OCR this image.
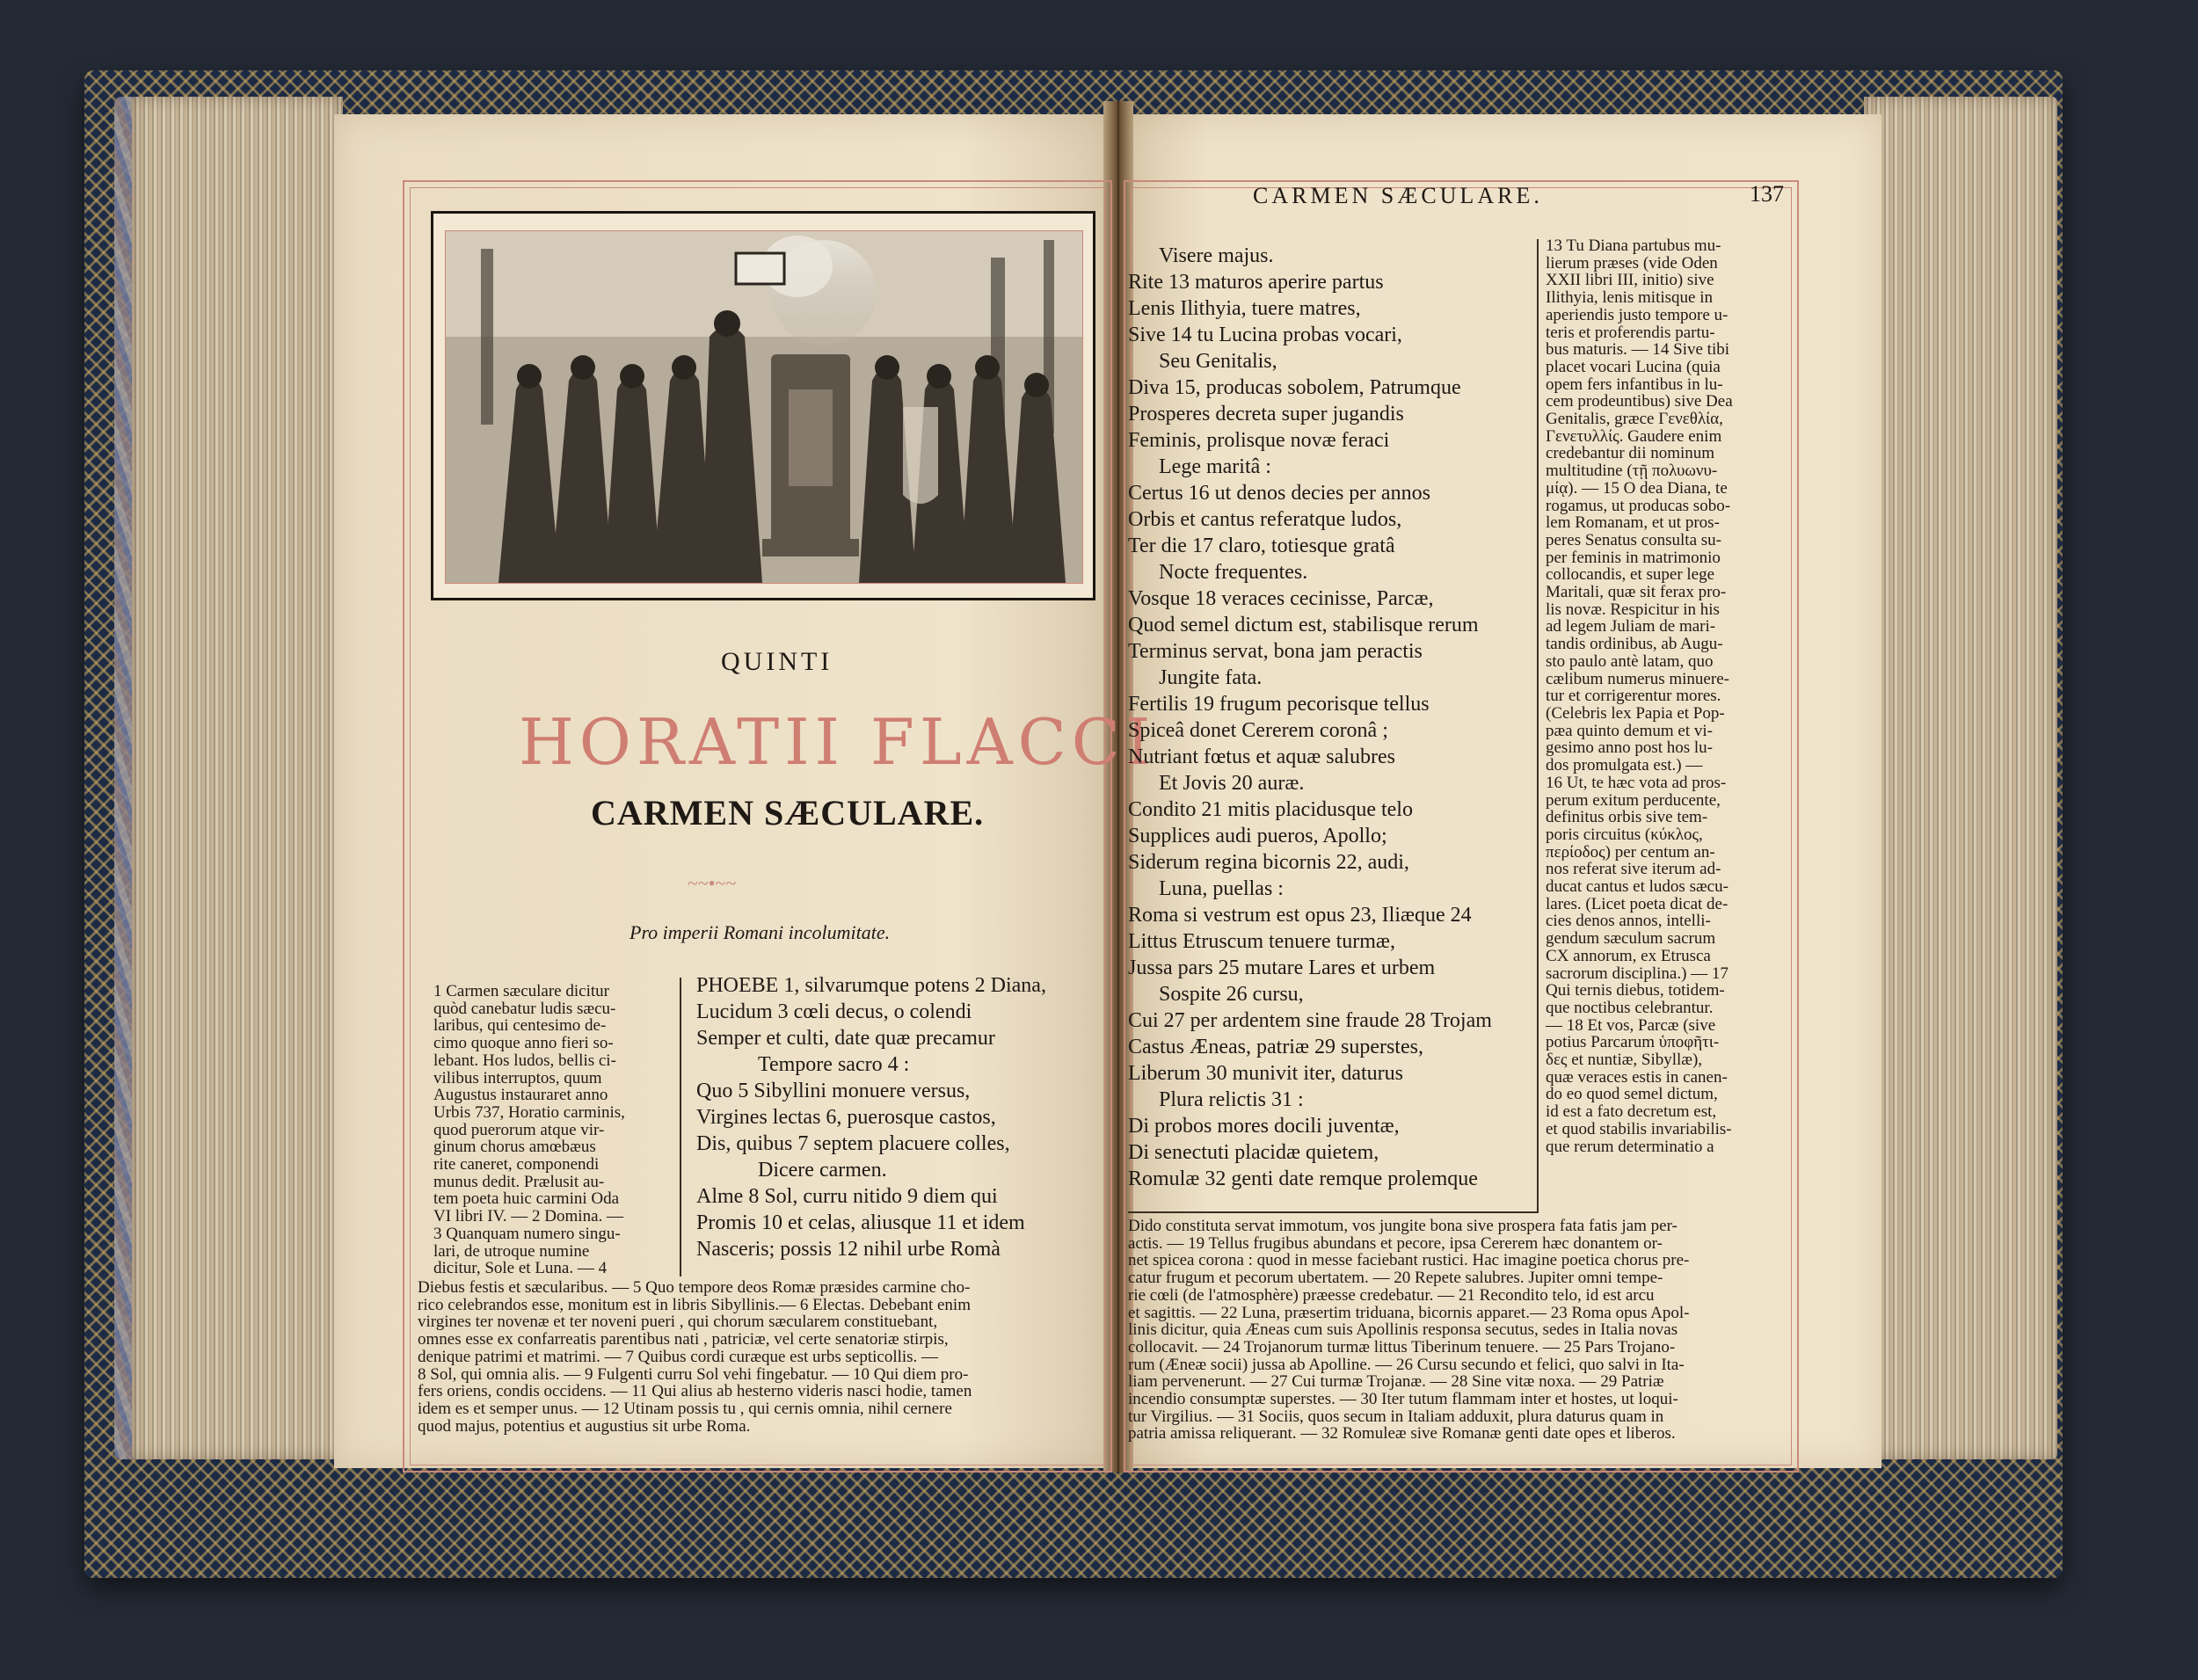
CARMEN SÆCULARE.	137
QUINTI
HORATII FLACCI
CARMEN SÆCULARE.
~~•~~
Pro imperii Romani incolumitate.
1 Carmen sæculare dicitur
quòd canebatur ludis sæcu-
laribus, qui centesimo de-
cimo quoque anno fieri so-
lebant. Hos ludos, bellis ci-
vilibus interruptos, quum
Augustus instauraret anno
Urbis 737, Horatio carminis,
quod puerorum atque vir-
ginum chorus amœbæus
rite caneret, componendi
munus dedit. Prælusit au-
tem poeta huic carmini Oda
VI libri IV. — 2 Domina. —
3 Quanquam numero singu-
lari, de utroque numine
dicitur, Sole et Luna. — 4
PHOEBE 1, silvarumque potens 2 Diana,
Lucidum 3 cœli decus, o colendi
Semper et culti, date quæ precamur
Tempore sacro 4 :
Quo 5 Sibyllini monuere versus,
Virgines lectas 6, puerosque castos,
Dis, quibus 7 septem placuere colles,
Dicere carmen.
Alme 8 Sol, curru nitido 9 diem qui
Promis 10 et celas, aliusque 11 et idem
Nasceris; possis 12 nihil urbe Romà
Diebus festis et sæcularibus. — 5 Quo tempore deos Romæ præsides carmine cho-
rico celebrandos esse, monitum est in libris Sibyllinis.— 6 Electas. Debebant enim
virgines ter novenæ et ter noveni pueri , qui chorum sæcularem constituebant,
omnes esse ex confarreatis parentibus nati , patriciæ, vel certe senatoriæ stirpis,
denique patrimi et matrimi. — 7 Quibus cordi curæque est urbs septicollis. —
8 Sol, qui omnia alis. — 9 Fulgenti curru Sol vehi fingebatur. — 10 Qui diem pro-
fers oriens, condis occidens. — 11 Qui alius ab hesterno videris nasci hodie, tamen
idem es et semper unus. — 12 Utinam possis tu , qui cernis omnia, nihil cernere
quod majus, potentius et augustius sit urbe Roma.
Visere majus.
Rite 13 maturos aperire partus
Lenis Ilithyia, tuere matres,
Sive 14 tu Lucina probas vocari,
Seu Genitalis,
Diva 15, producas sobolem, Patrumque
Prosperes decreta super jugandis
Feminis, prolisque novæ feraci
Lege maritâ :
Certus 16 ut denos decies per annos
Orbis et cantus referatque ludos,
Ter die 17 claro, totiesque gratâ
Nocte frequentes.
Vosque 18 veraces cecinisse, Parcæ,
Quod semel dictum est, stabilisque rerum
Terminus servat, bona jam peractis
Jungite fata.
Fertilis 19 frugum pecorisque tellus
Spiceâ donet Cererem coronâ ;
Nutriant fœtus et aquæ salubres
Et Jovis 20 auræ.
Condito 21 mitis placidusque telo
Supplices audi pueros, Apollo;
Siderum regina bicornis 22, audi,
Luna, puellas :
Roma si vestrum est opus 23, Iliæque 24
Littus Etruscum tenuere turmæ,
Jussa pars 25 mutare Lares et urbem
Sospite 26 cursu,
Cui 27 per ardentem sine fraude 28 Trojam
Castus Æneas, patriæ 29 superstes,
Liberum 30 munivit iter, daturus
Plura relictis 31 :
Di probos mores docili juventæ,
Di senectuti placidæ quietem,
Romulæ 32 genti date remque prolemque
13 Tu Diana partubus mu-
lierum præses (vide Oden
XXII libri III, initio) sive
Ilithyia, lenis mitisque in
aperiendis justo tempore u-
teris et proferendis partu-
bus maturis. — 14 Sive tibi
placet vocari Lucina (quia
opem fers infantibus in lu-
cem prodeuntibus) sive Dea
Genitalis, græce Γενεθλία,
Γενετυλλίς. Gaudere enim
credebantur dii nominum
multitudine (τῇ πολυωνυ-
μίᾳ). — 15 O dea Diana, te
rogamus, ut producas sobo-
lem Romanam, et ut pros-
peres Senatus consulta su-
per feminis in matrimonio
collocandis, et super lege
Maritali, quæ sit ferax pro-
lis novæ. Respicitur in his
ad legem Juliam de mari-
tandis ordinibus, ab Augu-
sto paulo antè latam, quo
cælibum numerus minuere-
tur et corrigerentur mores.
(Celebris lex Papia et Pop-
pæa quinto demum et vi-
gesimo anno post hos lu-
dos promulgata est.) —
16 Ut, te hæc vota ad pros-
perum exitum perducente,
definitus orbis sive tem-
poris circuitus (κύκλος,
περίοδος) per centum an-
nos referat sive iterum ad-
ducat cantus et ludos sæcu-
lares. (Licet poeta dicat de-
cies denos annos, intelli-
gendum sæculum sacrum
CX annorum, ex Etrusca
sacrorum disciplina.) — 17
Qui ternis diebus, totidem-
que noctibus celebrantur.
— 18 Et vos, Parcæ (sive
potius Parcarum ὑποφῆτι-
δες et nuntiæ, Sibyllæ),
quæ veraces estis in canen-
do eo quod semel dictum,
id est a fato decretum est,
et quod stabilis invariabilis-
que rerum determinatio a
Dido constituta servat immotum, vos jungite bona sive prospera fata fatis jam per-
actis. — 19 Tellus frugibus abundans et pecore, ipsa Cererem hæc donantem or-
net spicea corona : quod in messe faciebant rustici. Hac imagine poetica chorus pre-
catur frugum et pecorum ubertatem. — 20 Repete salubres. Jupiter omni tempe-
rie cœli (de l'atmosphère) præesse credebatur. — 21 Recondito telo, id est arcu
et sagittis. — 22 Luna, præsertim triduana, bicornis apparet.— 23 Roma opus Apol-
linis dicitur, quia Æneas cum suis Apollinis responsa secutus, sedes in Italia novas
collocavit. — 24 Trojanorum turmæ littus Tiberinum tenuere. — 25 Pars Trojano-
rum (Æneæ socii) jussa ab Apolline. — 26 Cursu secundo et felici, quo salvi in Ita-
liam pervenerunt. — 27 Cui turmæ Trojanæ. — 28 Sine vitæ noxa. — 29 Patriæ
incendio consumptæ superstes. — 30 Iter tutum flammam inter et hostes, ut loqui-
tur Virgilius. — 31 Sociis, quos secum in Italiam adduxit, plura daturus quam in
patria amissa reliquerant. — 32 Romuleæ sive Romanæ genti date opes et liberos.
